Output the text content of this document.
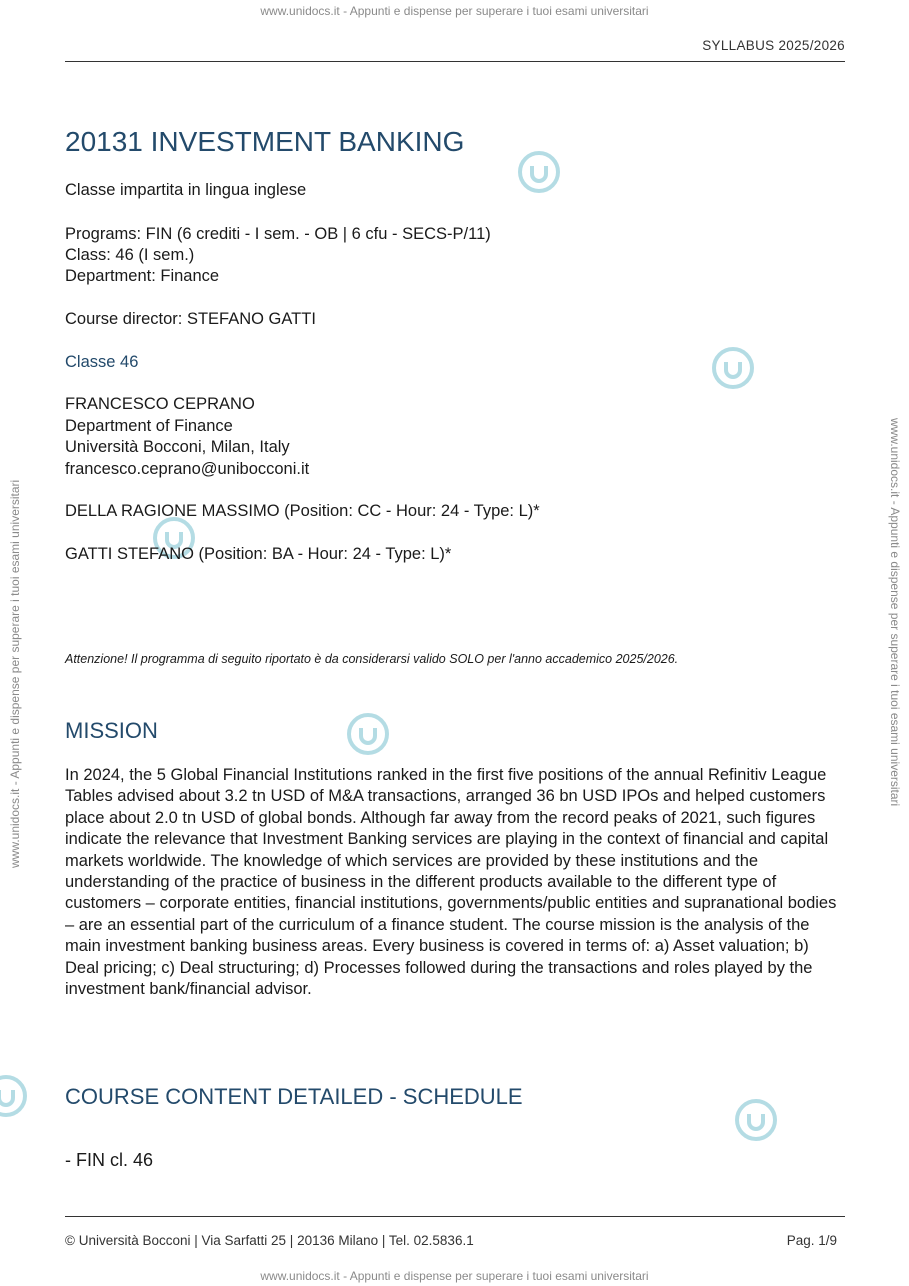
www.unidocs.it - Appunti e dispense per superare i tuoi esami universitari
www.unidocs.it - Appunti e dispense per superare i tuoi esami universitari
www.unidocs.it - Appunti e dispense per superare i tuoi esami universitari	www.unidocs.it - Appunti e dispense per superare i tuoi esami universitari
SYLLABUS 2025/2026
20131 INVESTMENT BANKING
Classe impartita in lingua inglese
Programs: FIN (6 crediti - I sem. - OB | 6 cfu - SECS-P/11)
Class: 46 (I sem.)
Department: Finance
Course director: STEFANO GATTI
Classe 46
FRANCESCO CEPRANO
Department of Finance
Università Bocconi, Milan, Italy
francesco.ceprano@unibocconi.it
DELLA RAGIONE MASSIMO (Position: CC - Hour: 24 - Type: L)*
GATTI STEFANO (Position: BA - Hour: 24 - Type: L)*
Attenzione! Il programma di seguito riportato è da considerarsi valido SOLO per l'anno accademico 2025/2026.
MISSION
In 2024, the 5 Global Financial Institutions ranked in the first five positions of the annual Refinitiv League Tables advised about 3.2 tn USD of M&A transactions, arranged 36 bn USD IPOs and helped customers place about 2.0 tn USD of global bonds. Although far away from the record peaks of 2021, such figures indicate the relevance that Investment Banking services are playing in the context of financial and capital markets worldwide. The knowledge of which services are provided by these institutions and the understanding of the practice of business in the different products available to the different type of customers – corporate entities, financial institutions, governments/public entities and supranational bodies – are an essential part of the curriculum of a finance student. The course mission is the analysis of the main investment banking business areas. Every business is covered in terms of: a) Asset valuation; b) Deal pricing; c) Deal structuring; d) Processes followed during the transactions and roles played by the investment bank/financial advisor.
COURSE CONTENT DETAILED - SCHEDULE
- FIN cl. 46
© Università Bocconi | Via Sarfatti 25 | 20136 Milano | Tel. 02.5836.1	Pag. 1/9
